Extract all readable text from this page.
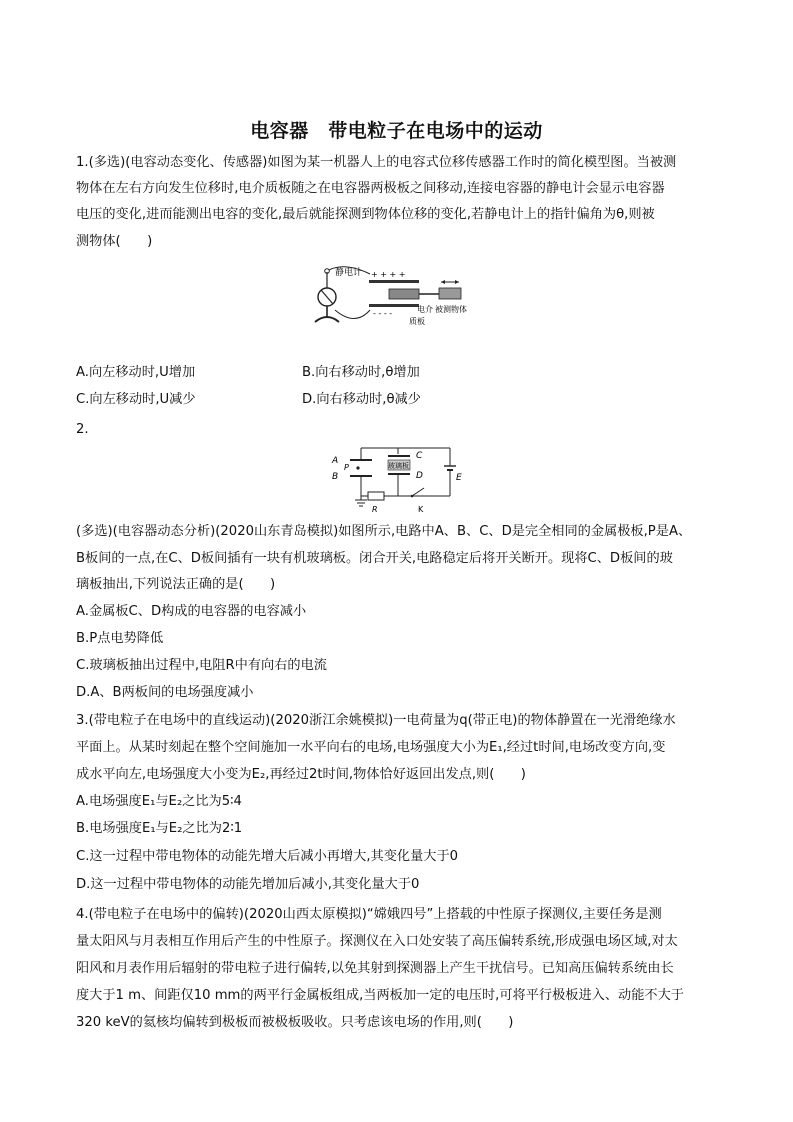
电容器　带电粒子在电场中的运动
1.(多选)(电容动态变化、传感器)如图为某一机器人上的电容式位移传感器工作时的简化模型图。当被测
物体在左右方向发生位移时,电介质板随之在电容器两极板之间移动,连接电容器的静电计会显示电容器
电压的变化,进而能测出电容的变化,最后就能探测到物体位移的变化,若静电计上的指针偏角为θ,则被
测物体(　　)
静电计 + + + +
- - - -	电介
质板
被测物体
A.向左移动时,U增加	B.向右移动时,θ增加
C.向左移动时,U减少	D.向右移动时,θ减少
2.
A
B
P
R
玻璃板
C
D
K
E
(多选)(电容器动态分析)(2020山东青岛模拟)如图所示,电路中A、B、C、D是完全相同的金属极板,P是A、
B板间的一点,在C、D板间插有一块有机玻璃板。闭合开关,电路稳定后将开关断开。现将C、D板间的玻
璃板抽出,下列说法正确的是(　　)
A.金属板C、D构成的电容器的电容减小
B.P点电势降低
C.玻璃板抽出过程中,电阻R中有向右的电流
D.A、B两板间的电场强度减小
3.(带电粒子在电场中的直线运动)(2020浙江余姚模拟)一电荷量为q(带正电)的物体静置在一光滑绝缘水
平面上。从某时刻起在整个空间施加一水平向右的电场,电场强度大小为E₁,经过t时间,电场改变方向,变
成水平向左,电场强度大小变为E₂,再经过2t时间,物体恰好返回出发点,则(　　)
A.电场强度E₁与E₂之比为5∶4
B.电场强度E₁与E₂之比为2∶1
C.这一过程中带电物体的动能先增大后减小再增大,其变化量大于0
D.这一过程中带电物体的动能先增加后减小,其变化量大于0
4.(带电粒子在电场中的偏转)(2020山西太原模拟)“嫦娥四号”上搭载的中性原子探测仪,主要任务是测
量太阳风与月表相互作用后产生的中性原子。探测仪在入口处安装了高压偏转系统,形成强电场区域,对太
阳风和月表作用后辐射的带电粒子进行偏转,以免其射到探测器上产生干扰信号。已知高压偏转系统由长
度大于1 m、间距仅10 mm的两平行金属板组成,当两板加一定的电压时,可将平行极板进入、动能不大于
320 keV的氦核均偏转到极板而被极板吸收。只考虑该电场的作用,则(　　)
